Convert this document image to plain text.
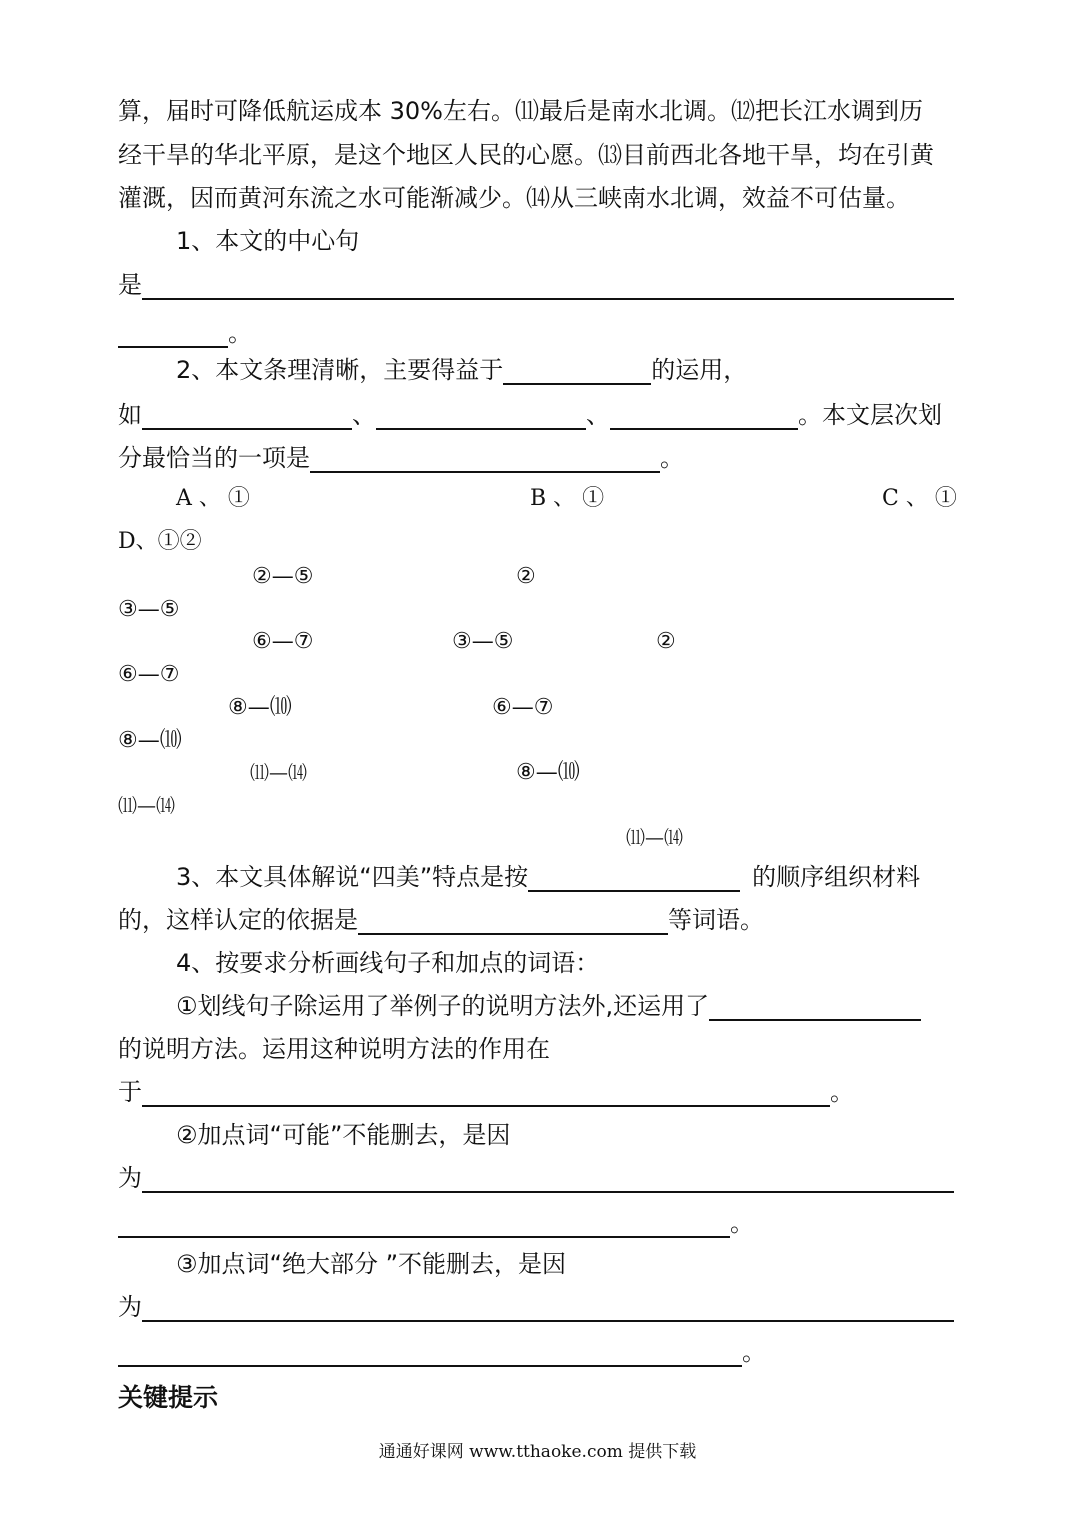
算，届时可降低航运成本 30%左右。⑾最后是南水北调。⑿把长江水调到历
经干旱的华北平原，是这个地区人民的心愿。⒀目前西北各地干旱，均在引黄
灌溉，因而黄河东流之水可能渐减少。⒁从三峡南水北调，效益不可估量。
1、本文的中心句
是
。
2、本文条理清晰，主要得益于	的运用，
如	、	、	。本文层次划
分最恰当的一项是	。
A 、 ①	B 、 ①	C 、 ①
D、①②
②—⑤	②
③—⑤
⑥—⑦	③—⑤	②
⑥—⑦
⑧—⑽	⑥—⑦
⑧—⑽
⑾—⒁	⑧—⑽
⑾—⒁
⑾—⒁
3、本文具体解说“四美”特点是按	的顺序组织材料
的，这样认定的依据是	等词语。
4、按要求分析画线句子和加点的词语：
①划线句子除运用了举例子的说明方法外,还运用了
的说明方法。运用这种说明方法的作用在
于	。
②加点词“可能”不能删去，是因
为
。
③加点词“绝大部分 ”不能删去，是因
为
。
关键提示
通通好课网 www.tthaoke.com 提供下载
